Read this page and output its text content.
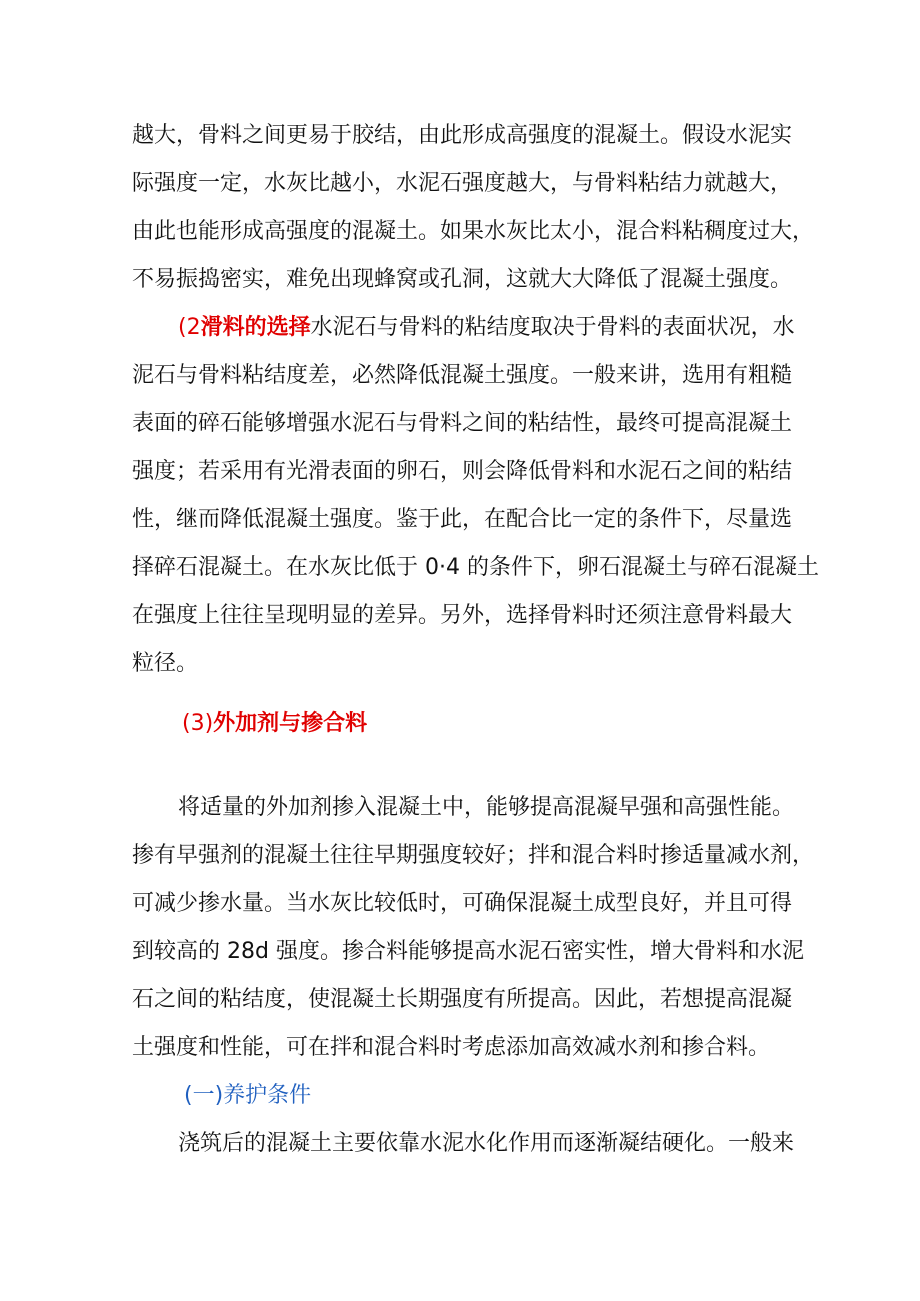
越大，骨料之间更易于胶结，由此形成高强度的混凝土。假设水泥实
际强度一定，水灰比越小，水泥石强度越大，与骨料粘结力就越大，
由此也能形成高强度的混凝土。如果水灰比太小，混合料粘稠度过大，
不易振捣密实，难免出现蜂窝或孔洞，这就大大降低了混凝土强度。
(2滑料的选择水泥石与骨料的粘结度取决于骨料的表面状况，水
泥石与骨料粘结度差，必然降低混凝土强度。一般来讲，选用有粗糙
表面的碎石能够增强水泥石与骨料之间的粘结性，最终可提高混凝土
强度；若采用有光滑表面的卵石，则会降低骨料和水泥石之间的粘结
性，继而降低混凝土强度。鉴于此，在配合比一定的条件下，尽量选
择碎石混凝土。在水灰比低于 0·4 的条件下，卵石混凝土与碎石混凝土
在强度上往往呈现明显的差异。另外，选择骨料时还须注意骨料最大
粒径。
(3)外加剂与掺合料
将适量的外加剂掺入混凝土中，能够提高混凝早强和高强性能。
掺有早强剂的混凝土往往早期强度较好；拌和混合料时掺适量减水剂，
可减少掺水量。当水灰比较低时，可确保混凝土成型良好，并且可得
到较高的 28d 强度。掺合料能够提高水泥石密实性，增大骨料和水泥
石之间的粘结度，使混凝土长期强度有所提高。因此，若想提高混凝
土强度和性能，可在拌和混合料时考虑添加高效减水剂和掺合料。
(一)养护条件
浇筑后的混凝土主要依靠水泥水化作用而逐渐凝结硬化。一般来
